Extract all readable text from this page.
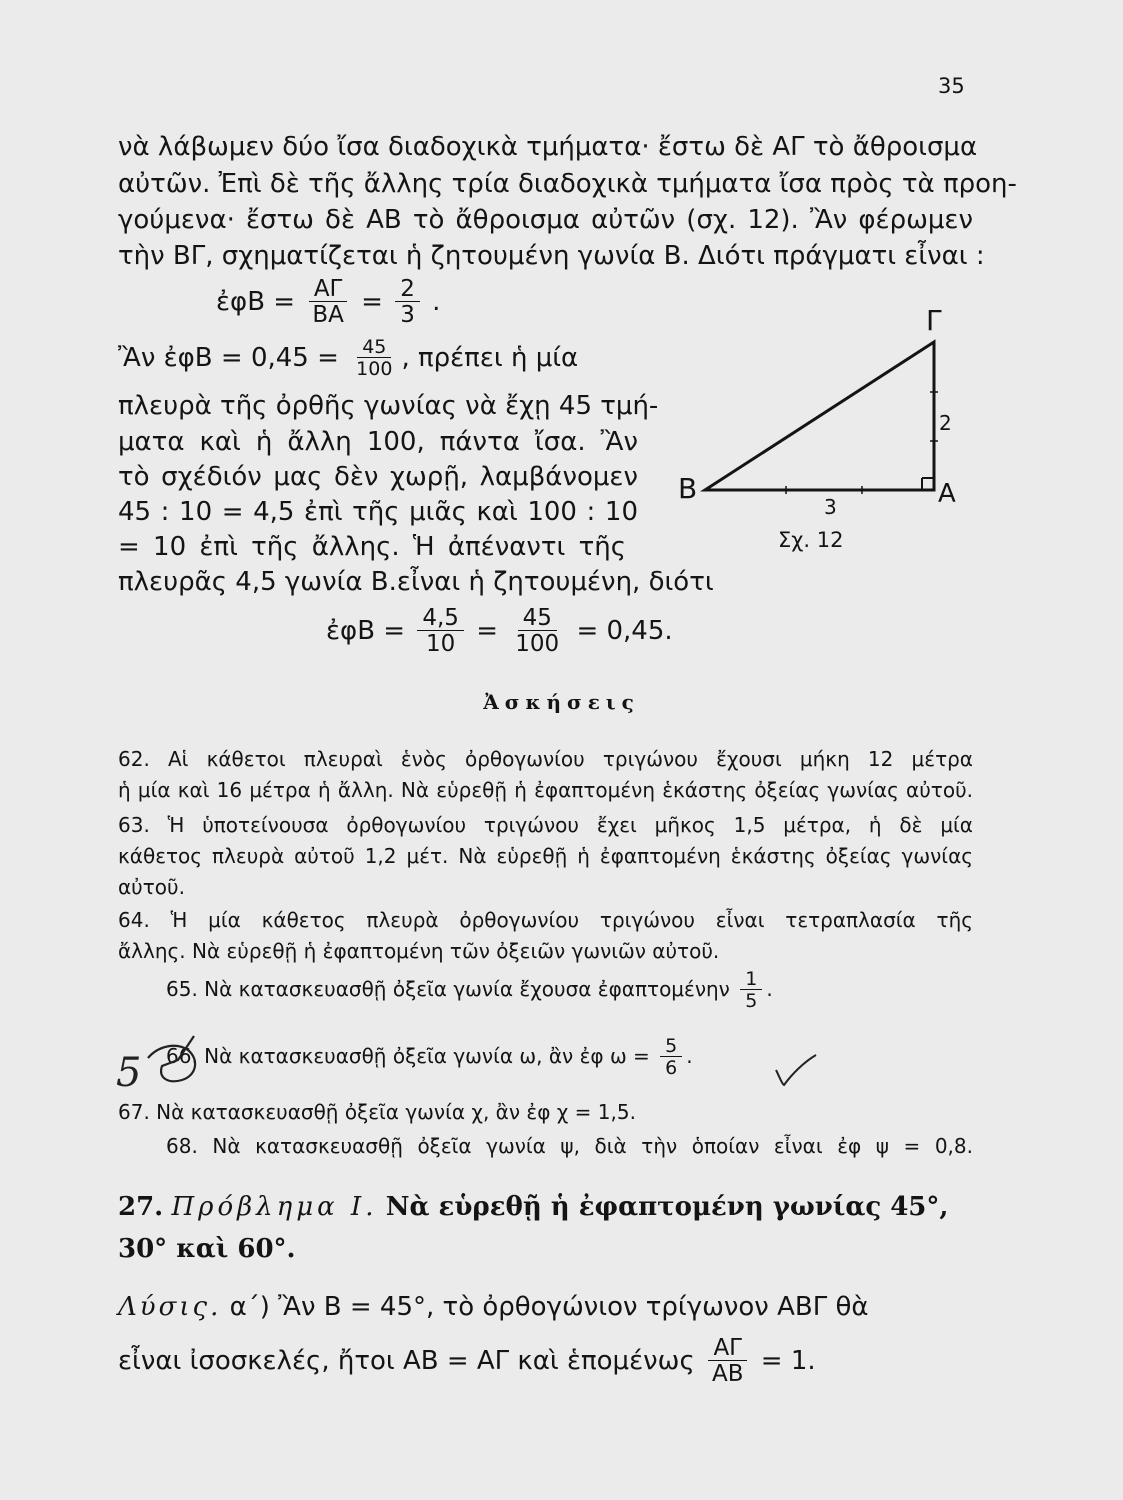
35
νὰ λάβωμεν δύο ἴσα διαδοχικὰ τμήματα· ἔστω δὲ ΑΓ τὸ ἄθροισμα
αὐτῶν. Ἐπὶ δὲ τῆς ἄλλης τρία διαδοχικὰ τμήματα ἴσα πρὸς τὰ προη-
γούμενα· ἔστω δὲ ΑΒ τὸ ἄθροισμα αὐτῶν (σχ. 12). Ἂν φέρωμεν
τὴν ΒΓ, σχηματίζεται ἡ ζητουμένη γωνία Β. Διότι πράγματι εἶναι :
ἐφΒ = $\frac{A\Gamma}{BA} = \frac{2}{3}$ .
Ἂν ἐφΒ = $0,45 = \frac{45}{100}$ , πρέπει ἡ μία
πλευρὰ τῆς ὀρθῆς γωνίας νὰ ἔχῃ 45 τμή-
ματα καὶ ἡ ἄλλη 100, πάντα ἴσα. Ἂν
τὸ σχέδιόν μας δὲν χωρῇ, λαμβάνομεν
45 : 10 = 4,5 ἐπὶ τῆς μιᾶς καὶ 100 : 10
= 10 ἐπὶ τῆς ἄλλης. Ἡ ἀπέναντι τῆς
πλευρᾶς 4,5 γωνία Β.εἶναι ἡ ζητουμένη, διότι
ἐφΒ = $\frac{4,5}{10} = \frac{45}{100} = 0,45$.
Γ
Β	Α
2
3
Σχ. 12
Ἀσκήσεις
62. Αἱ κάθετοι πλευραὶ ἑνὸς ὀρθογωνίου τριγώνου ἔχουσι μήκη 12 μέτρα
ἡ μία καὶ 16 μέτρα ἡ ἄλλη. Νὰ εὑρεθῇ ἡ ἐφαπτομένη ἑκάστης ὀξείας γωνίας αὐτοῦ.
63. Ἡ ὑποτείνουσα ὀρθογωνίου τριγώνου ἔχει μῆκος 1,5 μέτρα, ἡ δὲ μία
κάθετος πλευρὰ αὐτοῦ 1,2 μέτ. Νὰ εὑρεθῇ ἡ ἐφαπτομένη ἑκάστης ὀξείας γωνίας
αὐτοῦ.
64. Ἡ μία κάθετος πλευρὰ ὀρθογωνίου τριγώνου εἶναι τετραπλασία τῆς
ἄλλης. Νὰ εὑρεθῇ ἡ ἐφαπτομένη τῶν ὀξειῶν γωνιῶν αὐτοῦ.
65. Νὰ κατασκευασθῇ ὀξεῖα γωνία ἔχουσα ἐφαπτομένην $\frac{1}{5}$ .
66. Νὰ κατασκευασθῇ ὀξεῖα γωνία ω, ἂν ἐφ $\omega = \frac{5}{6}$ .
5
67. Νὰ κατασκευασθῇ ὀξεῖα γωνία χ, ἂν ἐφ χ = 1,5.
68. Νὰ κατασκευασθῇ ὀξεῖα γωνία ψ, διὰ τὴν ὁποίαν εἶναι ἐφ ψ = 0,8.
27. Πρόβλημα Ι. Νὰ εὑρεθῇ ἡ ἐφαπτομένη γωνίας 45°,
30° καὶ 60°.
Λύσις. α΄) Ἂν Β = 45°, τὸ ὀρθογώνιον τρίγωνον ΑΒΓ θὰ
εἶναι ἰσοσκελές, ἤτοι ΑΒ = ΑΓ καὶ ἑπομένως $\frac{A\Gamma}{AB} = 1$.
